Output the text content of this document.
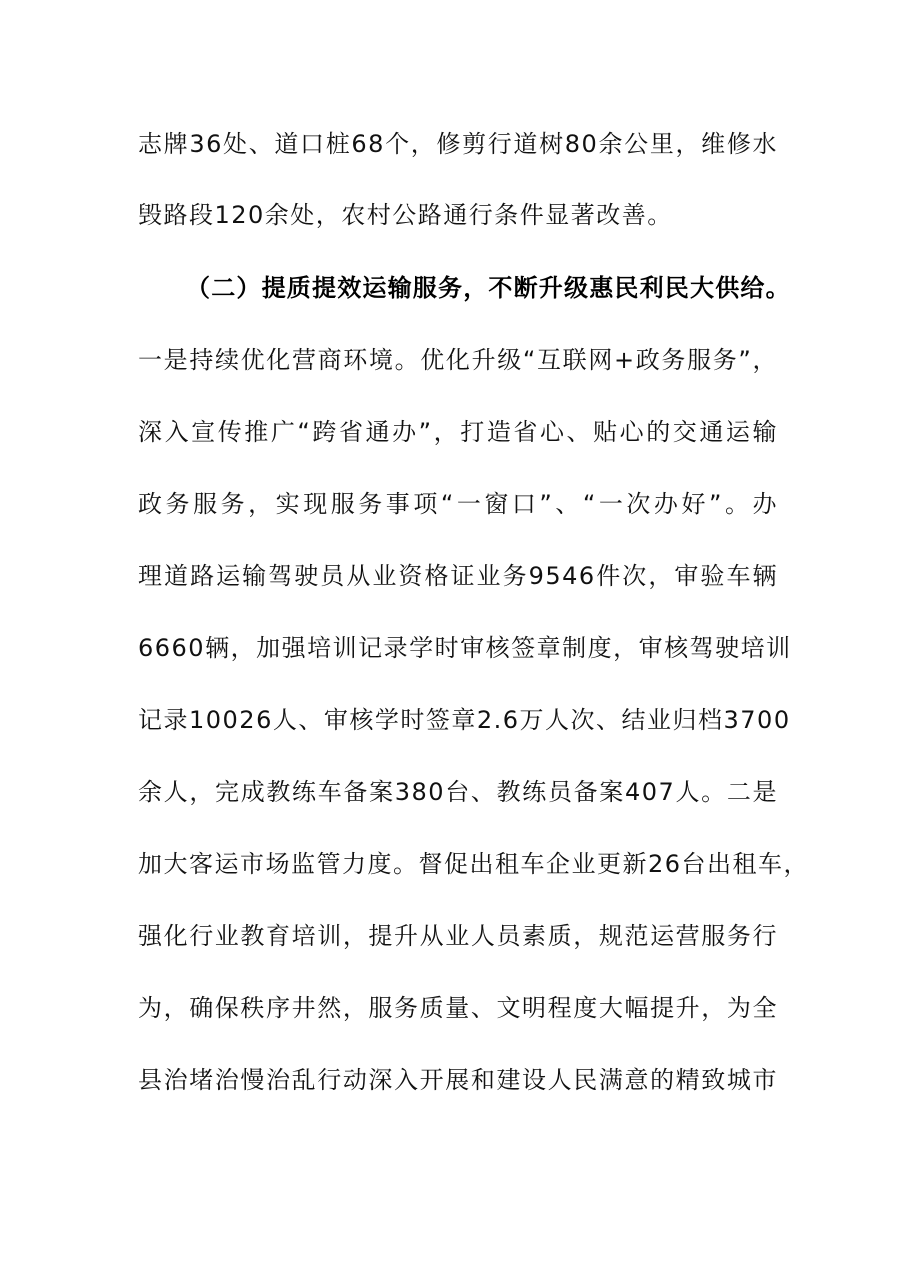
志牌36处、道口桩68个，修剪行道树80余公里，维修水
毁路段120余处，农村公路通行条件显著改善。
（二）提质提效运输服务，不断升级惠民利民大供给。
一是持续优化营商环境。优化升级“互联网+政务服务”，
深入宣传推广“跨省通办”，打造省心、贴心的交通运输
政务服务，实现服务事项“一窗口”、“一次办好”。办
理道路运输驾驶员从业资格证业务9546件次，审验车辆
6660辆，加强培训记录学时审核签章制度，审核驾驶培训
记录10026人、审核学时签章2.6万人次、结业归档3700
余人，完成教练车备案380台、教练员备案407人。二是
加大客运市场监管力度。督促出租车企业更新26台出租车，
强化行业教育培训，提升从业人员素质，规范运营服务行
为，确保秩序井然，服务质量、文明程度大幅提升，为全
县治堵治慢治乱行动深入开展和建设人民满意的精致城市
